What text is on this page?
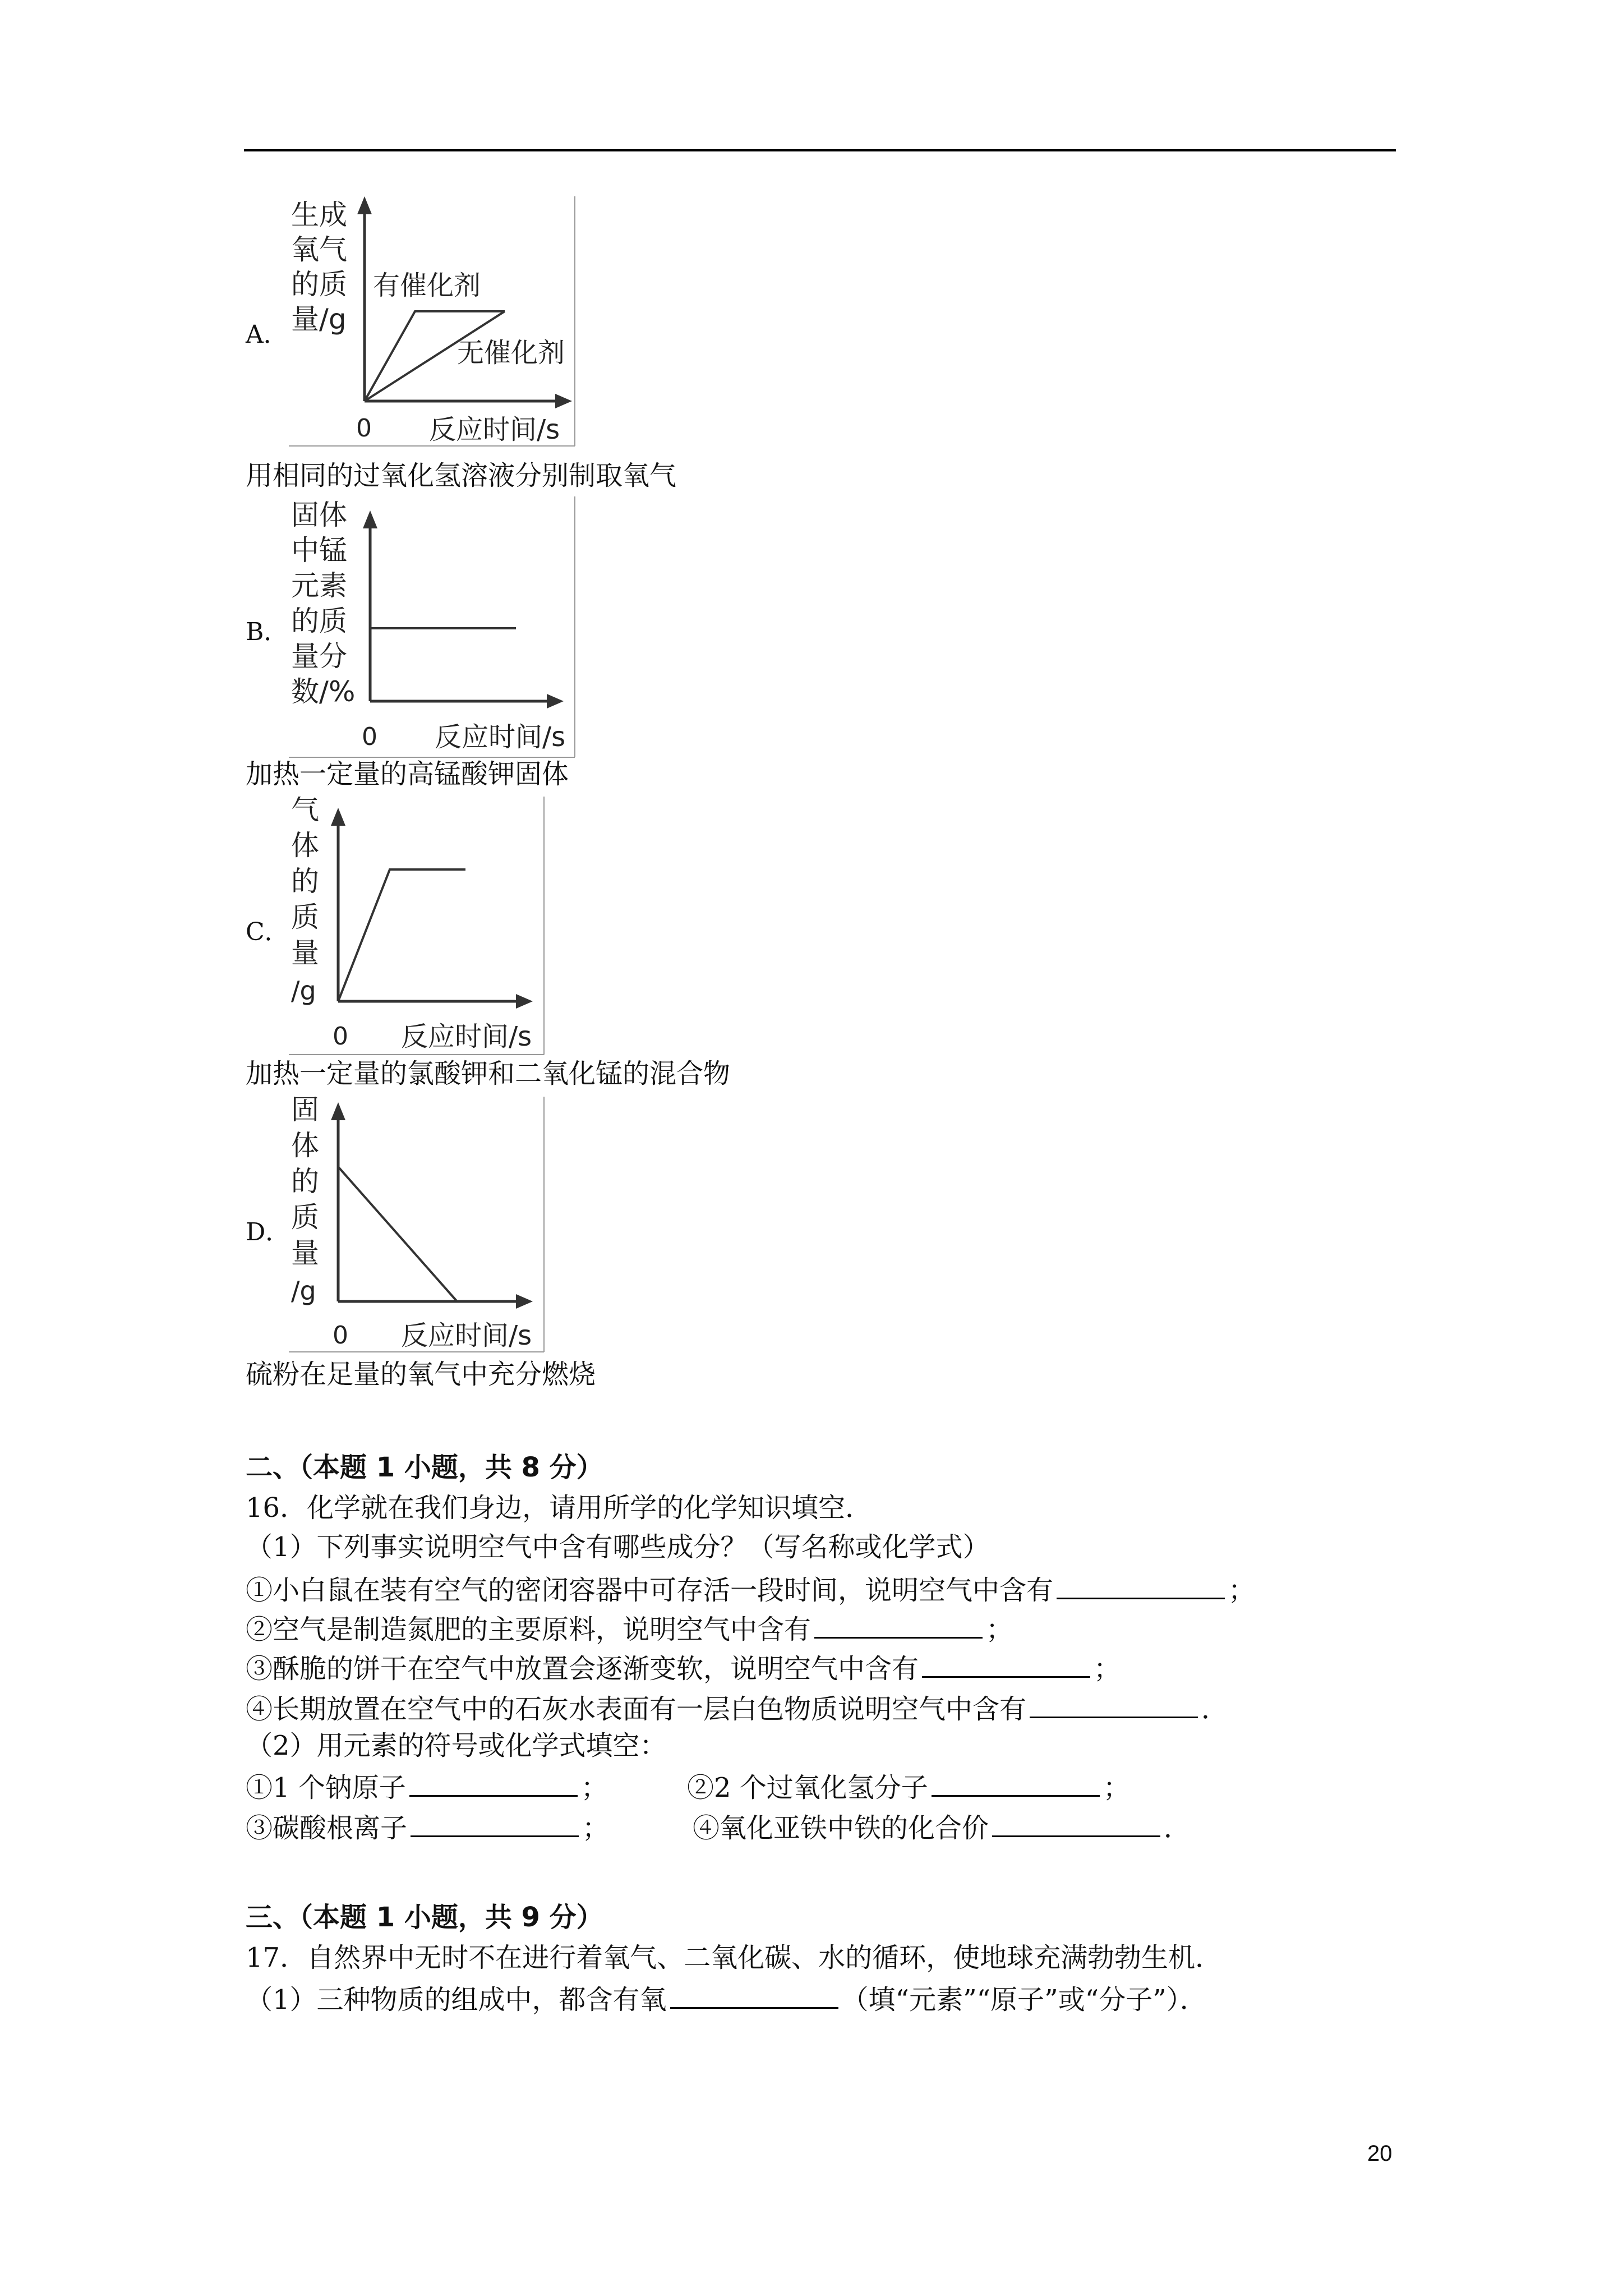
A．
生成
氧气
的质
量/g
有催化剂
无催化剂
0 反应时间/s
用相同的过氧化氢溶液分别制取氧气
B．
固体
中锰
元素
的质
量分
数/%
0 反应时间/s
加热一定量的高锰酸钾固体
C．
气
体
的
质
量
/g
0 反应时间/s
加热一定量的氯酸钾和二氧化锰的混合物
D．
固
体
的
质
量
/g
0 反应时间/s
硫粉在足量的氧气中充分燃烧
二、（本题 1 小题，共 8 分）
16．化学就在我们身边，请用所学的化学知识填空．
（1）下列事实说明空气中含有哪些成分？（写名称或化学式）
①小白鼠在装有空气的密闭容器中可存活一段时间，说明空气中含有	；
②空气是制造氮肥的主要原料，说明空气中含有	；
③酥脆的饼干在空气中放置会逐渐变软，说明空气中含有	；
④长期放置在空气中的石灰水表面有一层白色物质说明空气中含有	．
（2）用元素的符号或化学式填空：
①1 个钠原子	；	②2 个过氧化氢分子	；
③碳酸根离子	；	④氧化亚铁中铁的化合价	．
三、（本题 1 小题，共 9 分）
17．自然界中无时不在进行着氧气、二氧化碳、水的循环，使地球充满勃勃生机．
（1）三种物质的组成中，都含有氧	（填“元素”“原子”或“分子”）．
20
